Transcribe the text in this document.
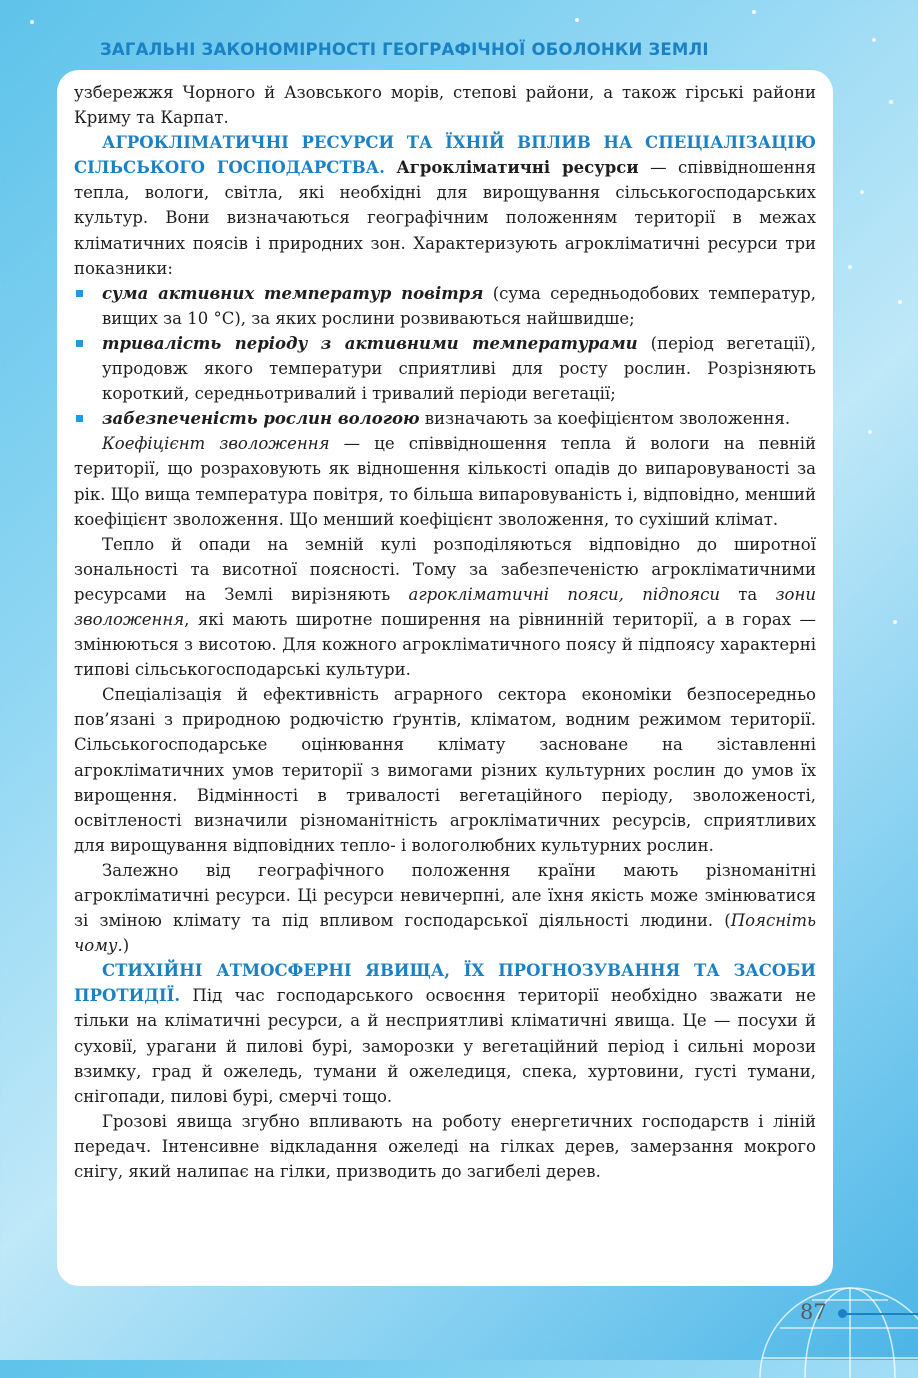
ЗАГАЛЬНІ ЗАКОНОМІРНОСТІ ГЕОГРАФІЧНОЇ ОБОЛОНКИ ЗЕМЛІ

узбережжя Чорного й Азовського морів, степові райони, а також гірські райони Криму та Карпат.

АГРОКЛІМАТИЧНІ РЕСУРСИ ТА ЇХНІЙ ВПЛИВ НА СПЕЦІАЛІЗАЦІЮ СІЛЬСЬКОГО ГОСПОДАРСТВА. Агрокліматичні ресурси — співвідношення тепла, вологи, світла, які необхідні для вирощування сільськогосподарських культур. Вони визначаються географічним положенням території в межах кліматичних поясів і природних зон. Характеризують агрокліматичні ресурси три показники:

сума активних температур повітря (сума середньодобових температур, вищих за 10 °С), за яких рослини розвиваються найшвидше;
тривалість періоду з активними температурами (період вегетації), упродовж якого температури сприятливі для росту рослин. Розрізняють короткий, середньотривалий і тривалий періоди вегетації;
забезпеченість рослин вологою визначають за коефіцієнтом зволоження.

Коефіцієнт зволоження — це співвідношення тепла й вологи на певній території, що розраховують як відношення кількості опадів до випаровуваності за рік. Що вища температура повітря, то більша випаровуваність і, відповідно, менший коефіцієнт зволоження. Що менший коефіцієнт зволоження, то сухіший клімат.

Тепло й опади на земній кулі розподіляються відповідно до широтної зональності та висотної поясності. Тому за забезпеченістю агрокліматичними ресурсами на Землі вирізняють агрокліматичні пояси, підпояси та зони зволоження, які мають широтне поширення на рівнинній території, а в горах — змінюються з висотою. Для кожного агрокліматичного поясу й підпоясу характерні типові сільськогосподарські культури.

Спеціалізація й ефективність аграрного сектора економіки безпосередньо пов’язані з природною родючістю ґрунтів, кліматом, водним режимом території. Сільськогосподарське оцінювання клімату засноване на зіставленні агрокліматичних умов території з вимогами різних культурних рослин до умов їх вирощення. Відмінності в тривалості вегетаційного періоду, зволоженості, освітленості визначили різноманітність агрокліматичних ресурсів, сприятливих для вирощування відповідних тепло- і вологолюбних культурних рослин.

Залежно від географічного положення країни мають різноманітні агрокліматичні ресурси. Ці ресурси невичерпні, але їхня якість може змінюватися зі зміною клімату та під впливом господарської діяльності людини. (Поясніть чому.)

СТИХІЙНІ АТМОСФЕРНІ ЯВИЩА, ЇХ ПРОГНОЗУВАННЯ ТА ЗАСОБИ ПРОТИДІЇ. Під час господарського освоєння території необхідно зважати не тільки на кліматичні ресурси, а й несприятливі кліматичні явища. Це — посухи й суховії, урагани й пилові бурі, заморозки у вегетаційний період і сильні морози взимку, град й ожеледь, тумани й ожеледиця, спека, хуртовини, густі тумани, снігопади, пилові бурі, смерчі тощо.

Грозові явища згубно впливають на роботу енергетичних господарств і ліній передач. Інтенсивне відкладання ожеледі на гілках дерев, замерзання мокрого снігу, який налипає на гілки, призводить до загибелі дерев.

87
